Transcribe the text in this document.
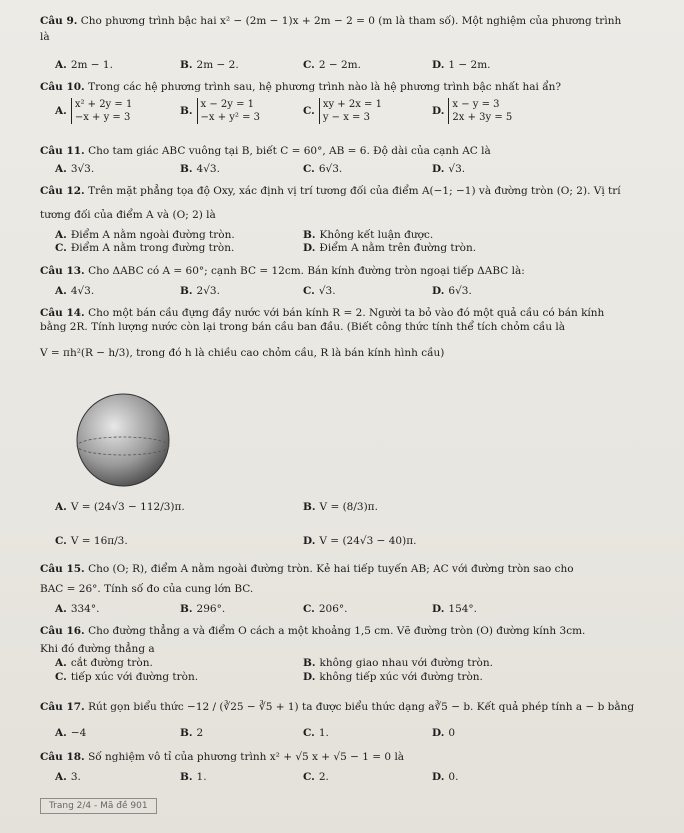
Câu 9. Cho phương trình bậc hai x² − (2m − 1)x + 2m − 2 = 0 (m là tham số). Một nghiệm của phương trình
là
A. 2m − 1.	B. 2m − 2.	C. 2 − 2m.	D. 1 − 2m.
Câu 10. Trong các hệ phương trình sau, hệ phương trình nào là hệ phương trình bậc nhất hai ẩn?
A.x² + 2y = 1
−x + y = 3
B.x − 2y = 1
−x + y² = 3
C.xy + 2x = 1
y − x = 3
D.x − y = 3
2x + 3y = 5
Câu 11. Cho tam giác ABC vuông tại B, biết C = 60°, AB = 6. Độ dài của cạnh AC là
A. 3√3.	B. 4√3.	C. 6√3.	D. √3.
Câu 12. Trên mặt phẳng tọa độ Oxy, xác định vị trí tương đối của điểm A(−1; −1) và đường tròn (O; 2). Vị trí
tương đối của điểm A và (O; 2) là
A. Điểm A nằm ngoài đường tròn.	B. Không kết luận được.
C. Điểm A nằm trong đường tròn.	D. Điểm A nằm trên đường tròn.
Câu 13. Cho ΔABC có A = 60°; cạnh BC = 12cm. Bán kính đường tròn ngoại tiếp ΔABC là:
A. 4√3.	B. 2√3.	C. √3.	D. 6√3.
Câu 14. Cho một bán cầu đựng đầy nước với bán kính R = 2. Người ta bỏ vào đó một quả cầu có bán kính
bằng 2R. Tính lượng nước còn lại trong bán cầu ban đầu. (Biết công thức tính thể tích chỏm cầu là
V = πh²(R − h/3), trong đó h là chiều cao chỏm cầu, R là bán kính hình cầu)
A. V = (24√3 − 112/3)π.	B. V = (8/3)π.
C. V = 16π/3.	D. V = (24√3 − 40)π.
Câu 15. Cho (O; R), điểm A nằm ngoài đường tròn. Kẻ hai tiếp tuyến AB; AC với đường tròn sao cho
BAC = 26°. Tính số đo của cung lớn BC.
A. 334°.	B. 296°.	C. 206°.	D. 154°.
Câu 16. Cho đường thẳng a và điểm O cách a một khoảng 1,5 cm. Vẽ đường tròn (O) đường kính 3cm.
Khi đó đường thẳng a
A. cắt đường tròn.	B. không giao nhau với đường tròn.
C. tiếp xúc với đường tròn.	D. không tiếp xúc với đường tròn.
Câu 17. Rút gọn biểu thức −12 / (∛25 − ∛5 + 1) ta được biểu thức dạng a∛5 − b. Kết quả phép tính a − b bằng
A. −4	B. 2	C. 1.	D. 0
Câu 18. Số nghiệm vô tỉ của phương trình x² + √5 x + √5 − 1 = 0 là
A. 3.	B. 1.	C. 2.	D. 0.
Trang 2/4 - Mã đề 901
